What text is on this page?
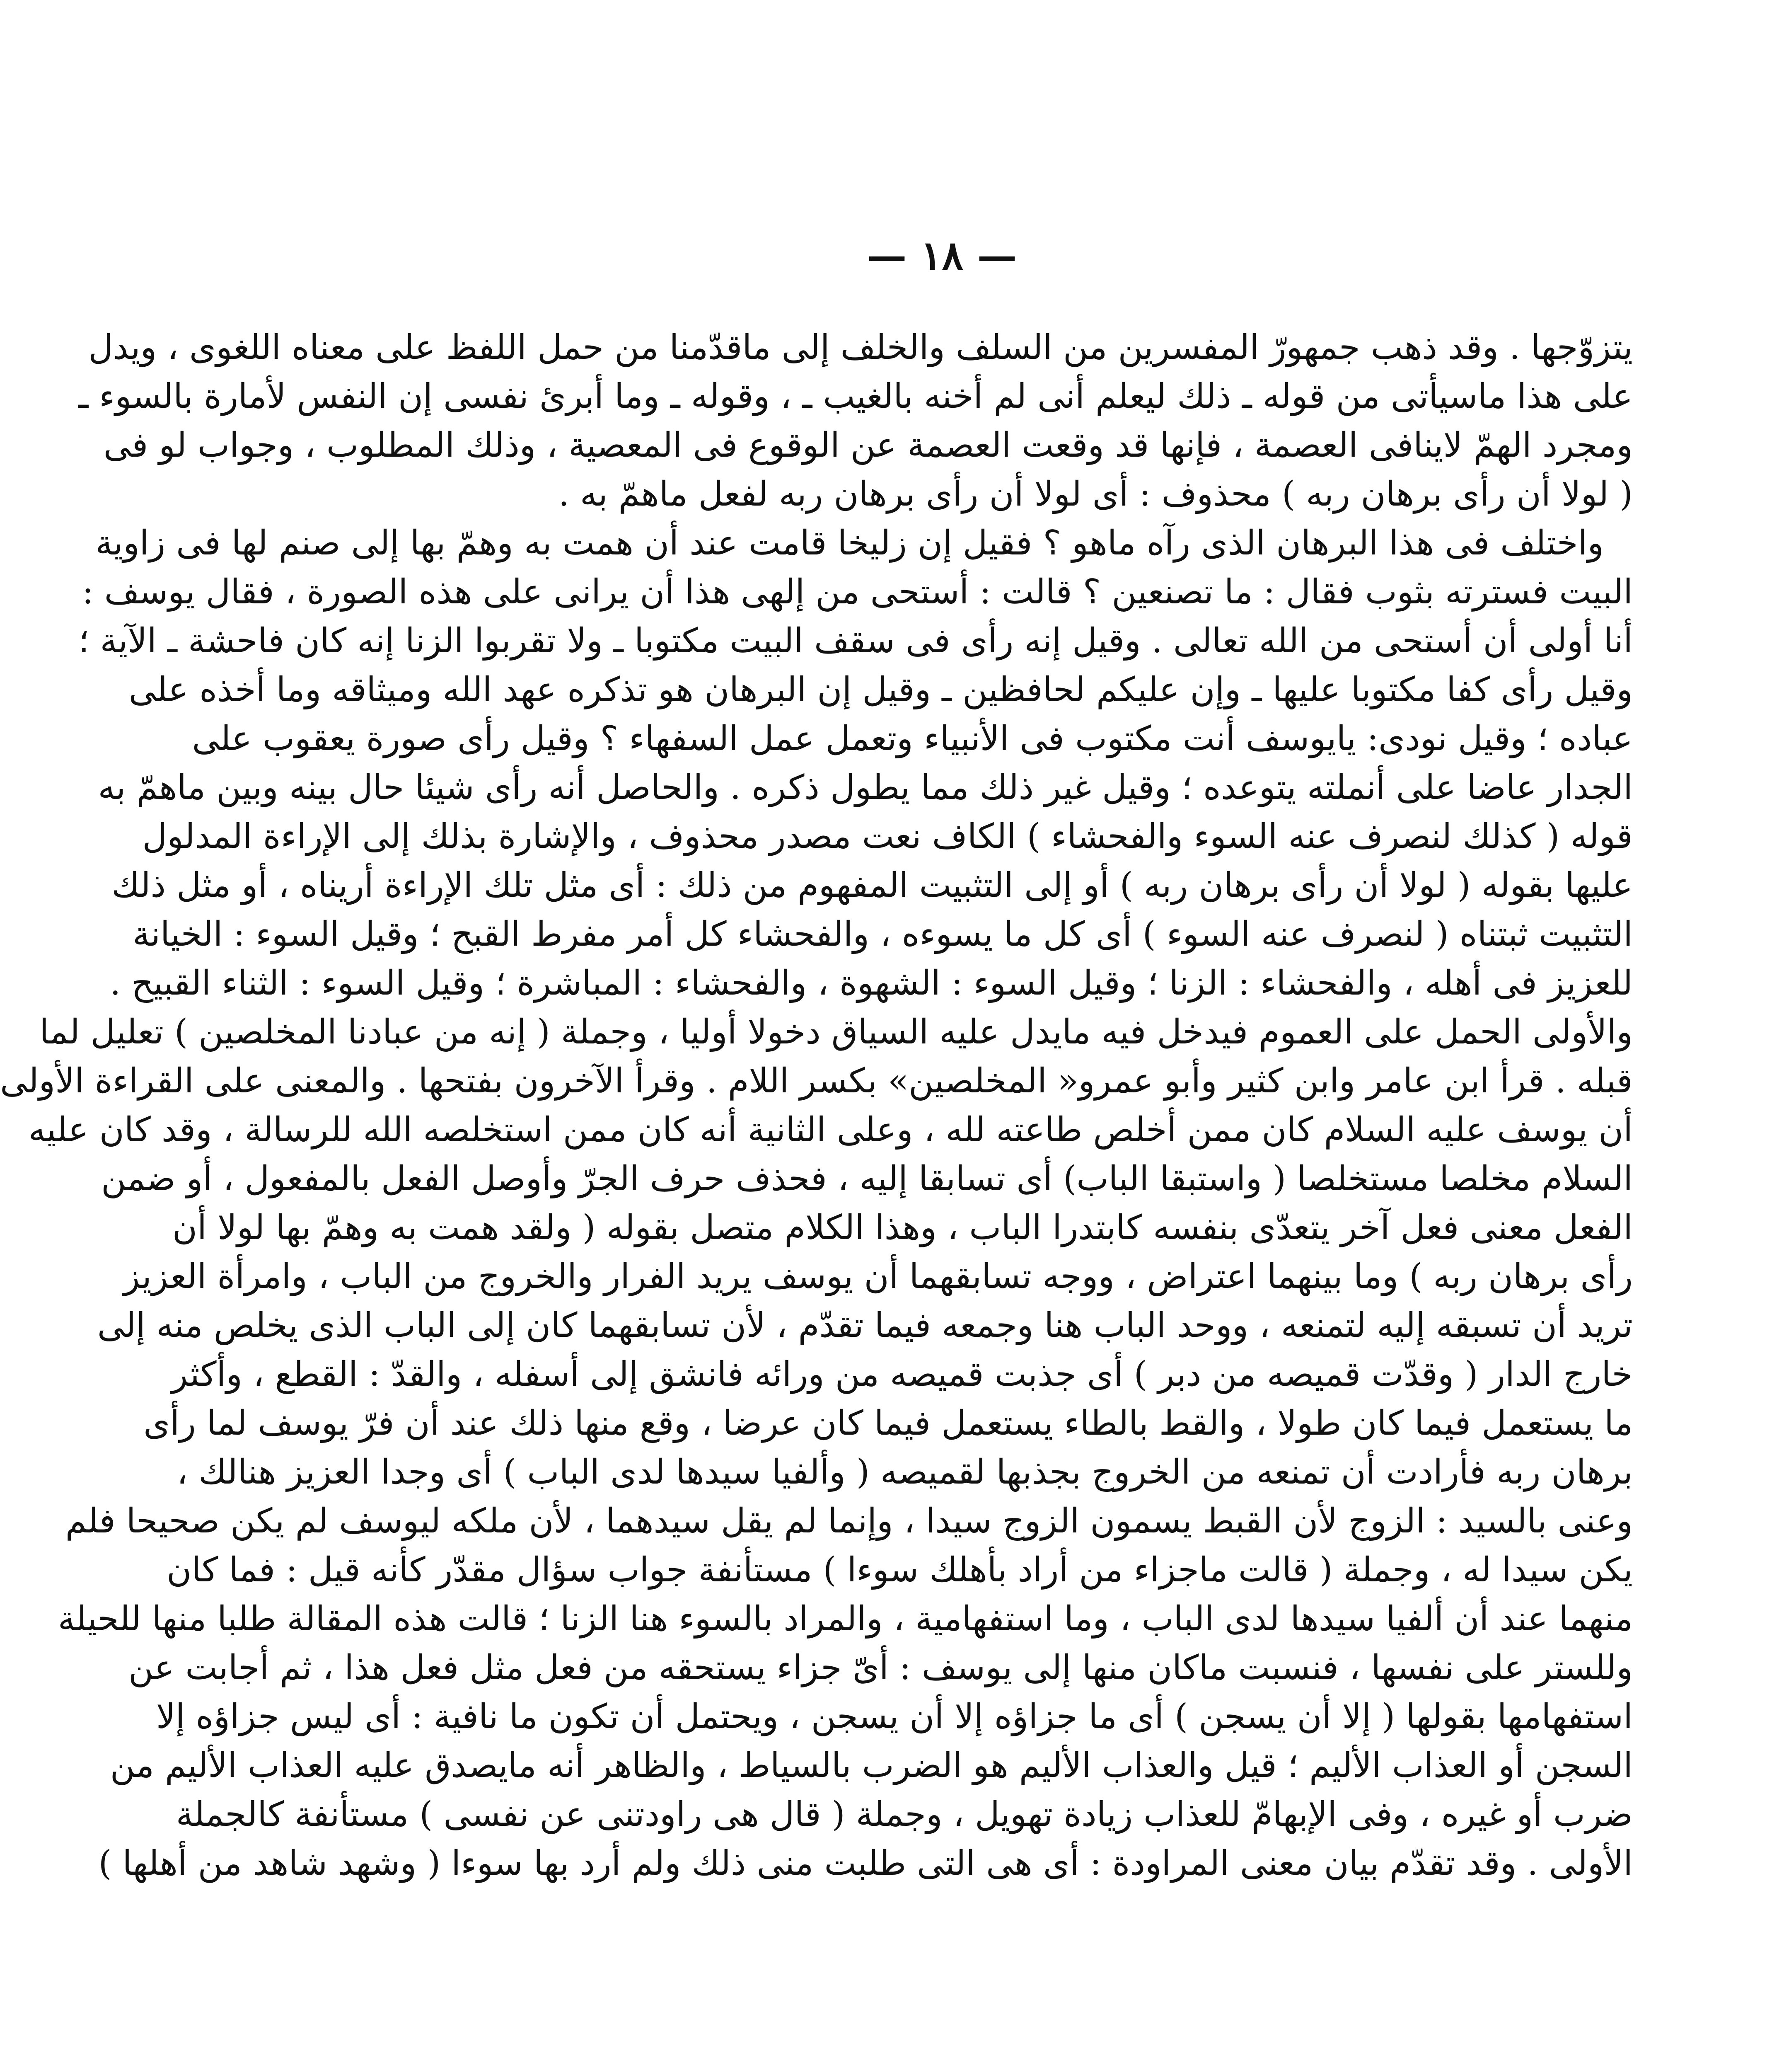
— ١٨ —
يتزوّجها . وقد ذهب جمهورّ المفسرين من السلف والخلف إلى ماقدّمنا من حمل اللفظ على معناه اللغوى ، ويدل
على هذا ماسيأتى من قوله ـ ذلك ليعلم أنى لم أخنه بالغيب ـ ، وقوله ـ وما أبرئ نفسى إن النفس لأمارة بالسوء ـ
ومجرد الهمّ لاينافى العصمة ، فإنها قد وقعت العصمة عن الوقوع فى المعصية ، وذلك المطلوب ، وجواب لو فى
( لولا أن رأى برهان ربه ) محذوف : أى لولا أن رأى برهان ربه لفعل ماهمّ به .
واختلف فى هذا البرهان الذى رآه ماهو ؟ فقيل إن زليخا قامت عند أن همت به وهمّ بها إلى صنم لها فى زاوية
البيت فسترته بثوب فقال : ما تصنعين ؟ قالت : أستحى من إلهى هذا أن يرانى على هذه الصورة ، فقال يوسف :
أنا أولى أن أستحى من الله تعالى . وقيل إنه رأى فى سقف البيت مكتوبا ـ ولا تقربوا الزنا إنه كان فاحشة ـ الآية ؛
وقيل رأى كفا مكتوبا عليها ـ وإن عليكم لحافظين ـ وقيل إن البرهان هو تذكره عهد الله وميثاقه وما أخذه على
عباده ؛ وقيل نودى: يايوسف أنت مكتوب فى الأنبياء وتعمل عمل السفهاء ؟ وقيل رأى صورة يعقوب على
الجدار عاضا على أنملته يتوعده ؛ وقيل غير ذلك مما يطول ذكره . والحاصل أنه رأى شيئا حال بينه وبين ماهمّ به
قوله ( كذلك لنصرف عنه السوء والفحشاء ) الكاف نعت مصدر محذوف ، والإشارة بذلك إلى الإراءة المدلول
عليها بقوله ( لولا أن رأى برهان ربه ) أو إلى التثبيت المفهوم من ذلك : أى مثل تلك الإراءة أريناه ، أو مثل ذلك
التثبيت ثبتناه ( لنصرف عنه السوء ) أى كل ما يسوءه ، والفحشاء كل أمر مفرط القبح ؛ وقيل السوء : الخيانة
للعزيز فى أهله ، والفحشاء : الزنا ؛ وقيل السوء : الشهوة ، والفحشاء : المباشرة ؛ وقيل السوء : الثناء القبيح .
والأولى الحمل على العموم فيدخل فيه مايدل عليه السياق دخولا أوليا ، وجملة ( إنه من عبادنا المخلصين ) تعليل لما
قبله . قرأ ابن عامر وابن كثير وأبو عمرو« المخلصين» بكسر اللام . وقرأ الآخرون بفتحها . والمعنى على القراءة الأولى
أن يوسف عليه السلام كان ممن أخلص طاعته لله ، وعلى الثانية أنه كان ممن استخلصه الله للرسالة ، وقد كان عليه
السلام مخلصا مستخلصا ( واستبقا الباب) أى تسابقا إليه ، فحذف حرف الجرّ وأوصل الفعل بالمفعول ، أو ضمن
الفعل معنى فعل آخر يتعدّى بنفسه كابتدرا الباب ، وهذا الكلام متصل بقوله ( ولقد همت به وهمّ بها لولا أن
رأى برهان ربه ) وما بينهما اعتراض ، ووجه تسابقهما أن يوسف يريد الفرار والخروج من الباب ، وامرأة العزيز
تريد أن تسبقه إليه لتمنعه ، ووحد الباب هنا وجمعه فيما تقدّم ، لأن تسابقهما كان إلى الباب الذى يخلص منه إلى
خارج الدار ( وقدّت قميصه من دبر ) أى جذبت قميصه من ورائه فانشق إلى أسفله ، والقدّ : القطع ، وأكثر
ما يستعمل فيما كان طولا ، والقط بالطاء يستعمل فيما كان عرضا ، وقع منها ذلك عند أن فرّ يوسف لما رأى
برهان ربه فأرادت أن تمنعه من الخروج بجذبها لقميصه ( وألفيا سيدها لدى الباب ) أى وجدا العزيز هنالك ،
وعنى بالسيد : الزوج لأن القبط يسمون الزوج سيدا ، وإنما لم يقل سيدهما ، لأن ملكه ليوسف لم يكن صحيحا فلم
يكن سيدا له ، وجملة ( قالت ماجزاء من أراد بأهلك سوءا ) مستأنفة جواب سؤال مقدّر كأنه قيل : فما كان
منهما عند أن ألفيا سيدها لدى الباب ، وما استفهامية ، والمراد بالسوء هنا الزنا ؛ قالت هذه المقالة طلبا منها للحيلة
وللستر على نفسها ، فنسبت ماكان منها إلى يوسف : أىّ جزاء يستحقه من فعل مثل فعل هذا ، ثم أجابت عن
استفهامها بقولها ( إلا أن يسجن ) أى ما جزاؤه إلا أن يسجن ، ويحتمل أن تكون ما نافية : أى ليس جزاؤه إلا
السجن أو العذاب الأليم ؛ قيل والعذاب الأليم هو الضرب بالسياط ، والظاهر أنه مايصدق عليه العذاب الأليم من
ضرب أو غيره ، وفى الإبهامّ للعذاب زيادة تهويل ، وجملة ( قال هى راودتنى عن نفسى ) مستأنفة كالجملة
الأولى . وقد تقدّم بيان معنى المراودة : أى هى التى طلبت منى ذلك ولم أرد بها سوءا ( وشهد شاهد من أهلها )
